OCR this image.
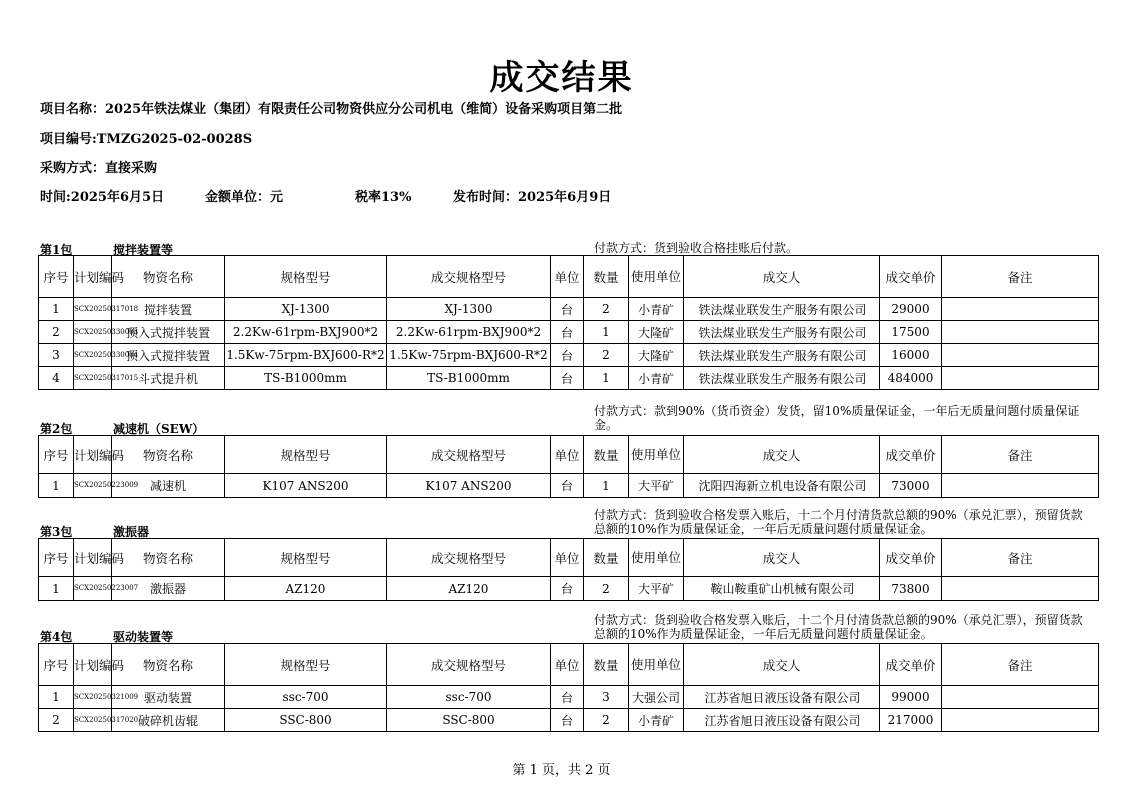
成交结果
项目名称：2025年铁法煤业（集团）有限责任公司物资供应分公司机电（维简）设备采购项目第二批
项目编号:TMZG2025-02-0028S
采购方式：直接采购
时间:2025年6月5日	金额单位：元	税率13%	发布时间：2025年6月9日
第1包	搅拌装置等	付款方式：货到验收合格挂账后付款。
序号	计划编码	物资名称	规格型号	成交规格型号	单位	数量	使用单位	成交人	成交单价	备注
1	SCX20250317018	搅拌装置	XJ-1300	XJ-1300	台	2	小青矿	铁法煤业联发生产服务有限公司	29000	
2	SCX20250330003	顶入式搅拌装置	2.2Kw-61rpm-BXJ900*2	2.2Kw-61rpm-BXJ900*2	台	1	大隆矿	铁法煤业联发生产服务有限公司	17500	
3	SCX20250330004	顶入式搅拌装置	1.5Kw-75rpm-BXJ600-R*2	1.5Kw-75rpm-BXJ600-R*2	台	2	大隆矿	铁法煤业联发生产服务有限公司	16000	
4	SCX20250317015	斗式提升机	TS-B1000mm	TS-B1000mm	台	1	小青矿	铁法煤业联发生产服务有限公司	484000	
第2包	减速机（SEW）
付款方式：款到90%（货币资金）发货，留10%质量保证金，一年后无质量问题付质量保证金。
序号	计划编码	物资名称	规格型号	成交规格型号	单位	数量	使用单位	成交人	成交单价	备注
1	SCX20250223009	减速机	K107 ANS200	K107 ANS200	台	1	大平矿	沈阳四海新立机电设备有限公司	73000	
第3包	激振器
付款方式：货到验收合格发票入账后，十二个月付清货款总额的90%（承兑汇票），预留货款总额的10%作为质量保证金，一年后无质量问题付质量保证金。
序号	计划编码	物资名称	规格型号	成交规格型号	单位	数量	使用单位	成交人	成交单价	备注
1	SCX20250223007	激振器	AZ120	AZ120	台	2	大平矿	鞍山鞍重矿山机械有限公司	73800	
第4包	驱动装置等
付款方式：货到验收合格发票入账后，十二个月付清货款总额的90%（承兑汇票），预留货款总额的10%作为质量保证金，一年后无质量问题付质量保证金。
序号	计划编码	物资名称	规格型号	成交规格型号	单位	数量	使用单位	成交人	成交单价	备注
1	SCX20250321009	驱动装置	ssc-700	ssc-700	台	3	大强公司	江苏省旭日液压设备有限公司	99000	
2	SCX20250317020	破碎机齿辊	SSC-800	SSC-800	台	2	小青矿	江苏省旭日液压设备有限公司	217000	
第 1 页，共 2 页
